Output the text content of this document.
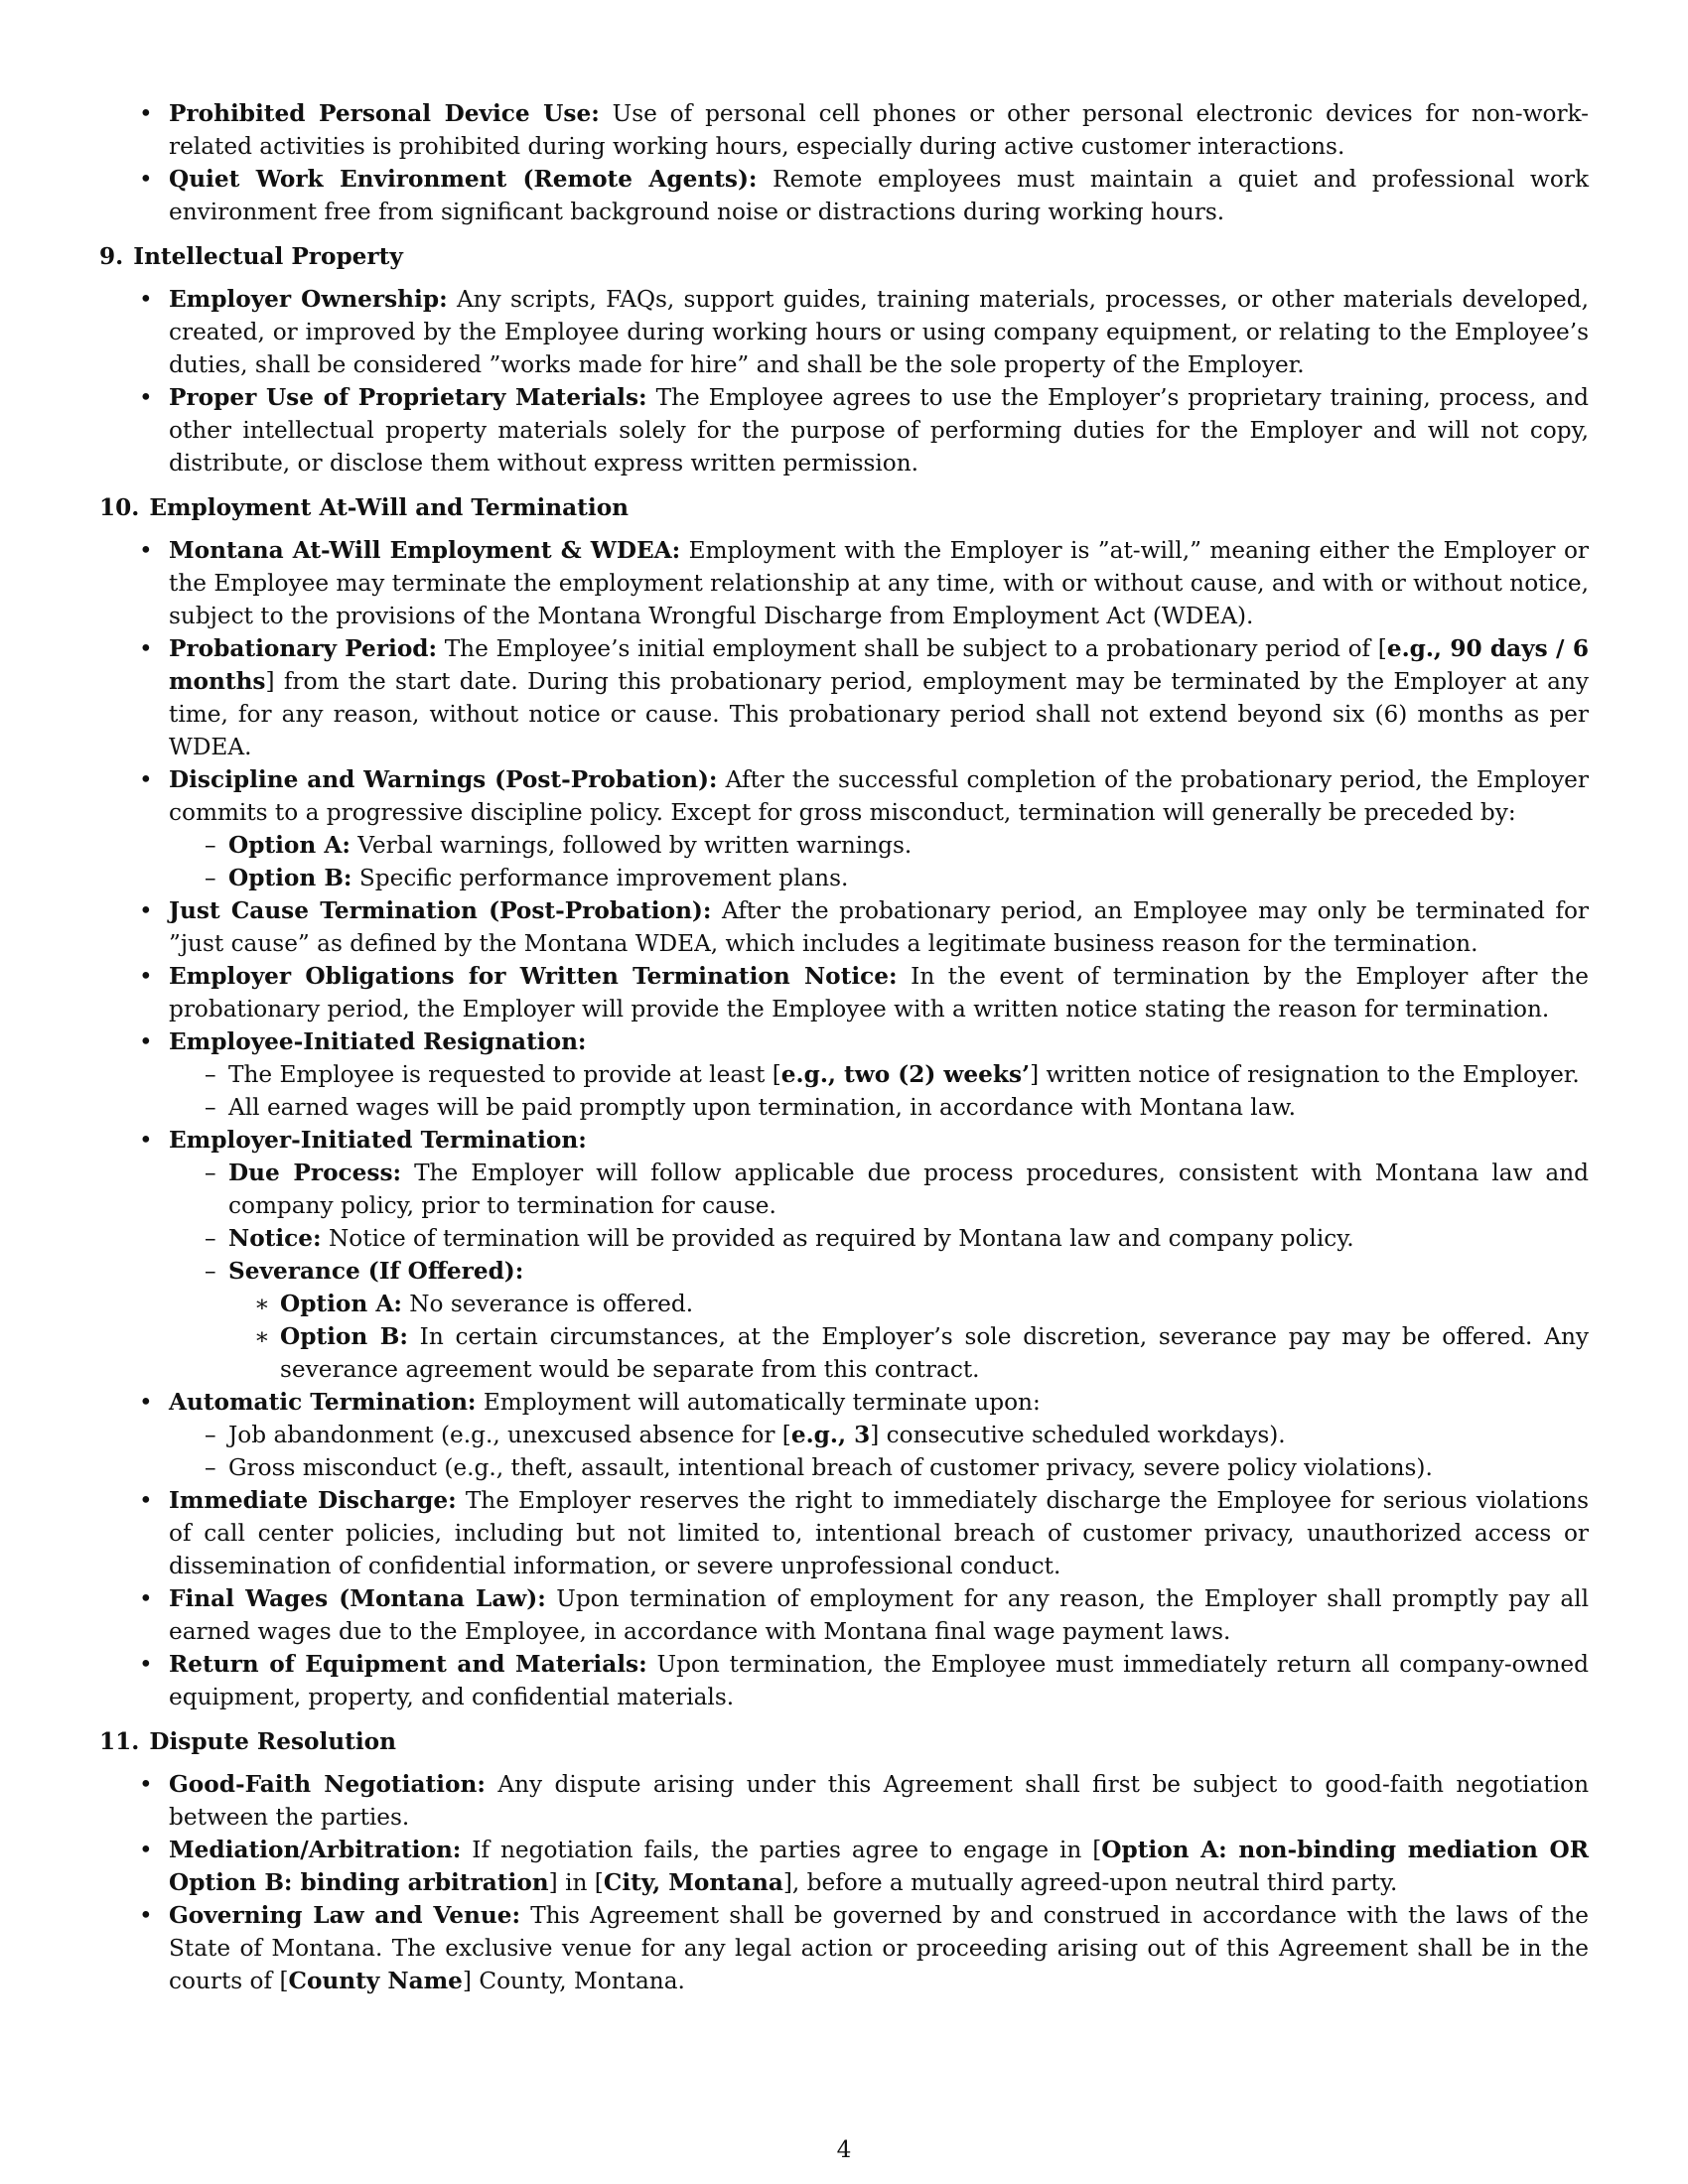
• Prohibited Personal Device Use: Use of personal cell phones or other personal electronic devices for non-work-related activities is prohibited during working hours, especially during active customer interactions.
• Quiet Work Environment (Remote Agents): Remote employees must maintain a quiet and professional work environment free from significant background noise or distractions during working hours.
9. Intellectual Property
• Employer Ownership: Any scripts, FAQs, support guides, training materials, processes, or other materials developed, created, or improved by the Employee during working hours or using company equipment, or relating to the Employee’s duties, shall be considered ”works made for hire” and shall be the sole property of the Employer.
• Proper Use of Proprietary Materials: The Employee agrees to use the Employer’s proprietary training, process, and other intellectual property materials solely for the purpose of performing duties for the Employer and will not copy, distribute, or disclose them without express written permission.
10. Employment At-Will and Termination
• Montana At-Will Employment & WDEA: Employment with the Employer is ”at-will,” meaning either the Employer or the Employee may terminate the employment relationship at any time, with or without cause, and with or without notice, subject to the provisions of the Montana Wrongful Discharge from Employment Act (WDEA).
• Probationary Period: The Employee’s initial employment shall be subject to a probationary period of [e.g., 90 days / 6 months] from the start date. During this probationary period, employment may be terminated by the Employer at any time, for any reason, without notice or cause. This probationary period shall not extend beyond six (6) months as per WDEA.
• Discipline and Warnings (Post-Probation): After the successful completion of the probationary period, the Employer commits to a progressive discipline policy. Except for gross misconduct, termination will generally be preceded by:
– Option A: Verbal warnings, followed by written warnings.
– Option B: Specific performance improvement plans.
• Just Cause Termination (Post-Probation): After the probationary period, an Employee may only be terminated for ”just cause” as defined by the Montana WDEA, which includes a legitimate business reason for the termination.
• Employer Obligations for Written Termination Notice: In the event of termination by the Employer after the probationary period, the Employer will provide the Employee with a written notice stating the reason for termination.
• Employee-Initiated Resignation:
– The Employee is requested to provide at least [e.g., two (2) weeks’] written notice of resignation to the Employer.
– All earned wages will be paid promptly upon termination, in accordance with Montana law.
• Employer-Initiated Termination:
– Due Process: The Employer will follow applicable due process procedures, consistent with Montana law and company policy, prior to termination for cause.
– Notice: Notice of termination will be provided as required by Montana law and company policy.
– Severance (If Offered):
∗ Option A: No severance is offered.
∗ Option B: In certain circumstances, at the Employer’s sole discretion, severance pay may be offered. Any severance agreement would be separate from this contract.
• Automatic Termination: Employment will automatically terminate upon:
– Job abandonment (e.g., unexcused absence for [e.g., 3] consecutive scheduled workdays).
– Gross misconduct (e.g., theft, assault, intentional breach of customer privacy, severe policy violations).
• Immediate Discharge: The Employer reserves the right to immediately discharge the Employee for serious violations of call center policies, including but not limited to, intentional breach of customer privacy, unauthorized access or dissemination of confidential information, or severe unprofessional conduct.
• Final Wages (Montana Law): Upon termination of employment for any reason, the Employer shall promptly pay all earned wages due to the Employee, in accordance with Montana final wage payment laws.
• Return of Equipment and Materials: Upon termination, the Employee must immediately return all company-owned equipment, property, and confidential materials.
11. Dispute Resolution
• Good-Faith Negotiation: Any dispute arising under this Agreement shall first be subject to good-faith negotiation between the parties.
• Mediation/Arbitration: If negotiation fails, the parties agree to engage in [Option A: non-binding mediation OR Option B: binding arbitration] in [City, Montana], before a mutually agreed-upon neutral third party.
• Governing Law and Venue: This Agreement shall be governed by and construed in accordance with the laws of the State of Montana. The exclusive venue for any legal action or proceeding arising out of this Agreement shall be in the courts of [County Name] County, Montana.
4
